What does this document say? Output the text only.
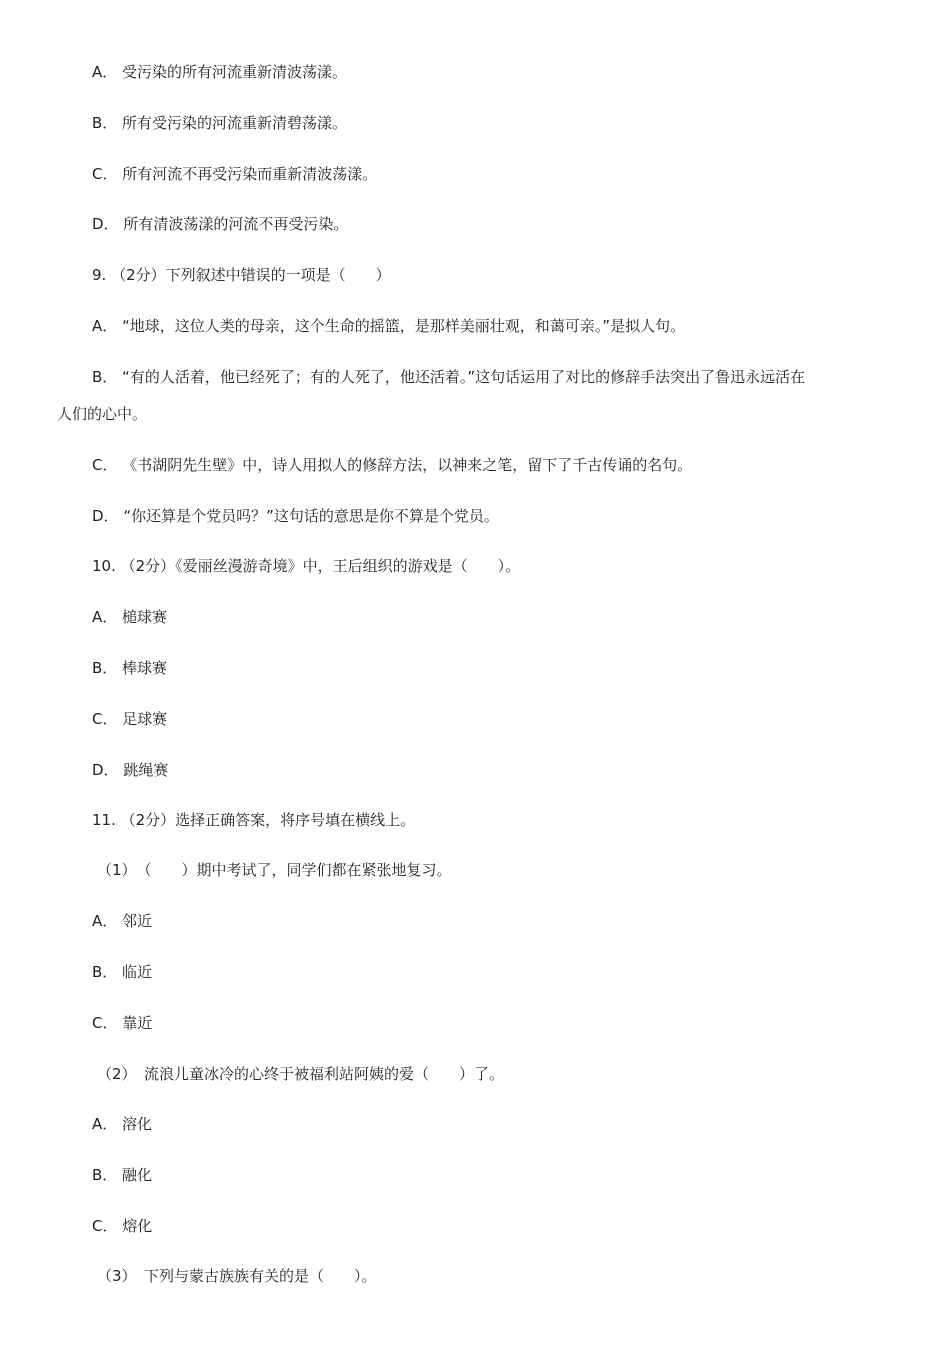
A． 受污染的所有河流重新清波荡漾。
B． 所有受污染的河流重新清碧荡漾。
C． 所有河流不再受污染而重新清波荡漾。
D． 所有清波荡漾的河流不再受污染。
9. （2分）下列叙述中错误的一项是（　　）
A． “地球，这位人类的母亲，这个生命的摇篮，是那样美丽壮观，和蔼可亲。”是拟人句。
B． “有的人活着，他已经死了；有的人死了，他还活着。”这句话运用了对比的修辞手法突出了鲁迅永远活在
人们的心中。
C． 《书湖阴先生壁》中，诗人用拟人的修辞方法，以神来之笔，留下了千古传诵的名句。
D． “你还算是个党员吗？”这句话的意思是你不算是个党员。
10. （2分）《爱丽丝漫游奇境》中，王后组织的游戏是（　　）。
A． 槌球赛
B． 棒球赛
C． 足球赛
D． 跳绳赛
11. （2分）选择正确答案，将序号填在横线上。
（1）　（　　）期中考试了，同学们都在紧张地复习。
A． 邻近
B． 临近
C． 靠近
（2）　流浪儿童冰冷的心终于被福利站阿姨的爱（　　）了。
A． 溶化
B． 融化
C． 熔化
（3）　下列与蒙古族族有关的是（　　）。
